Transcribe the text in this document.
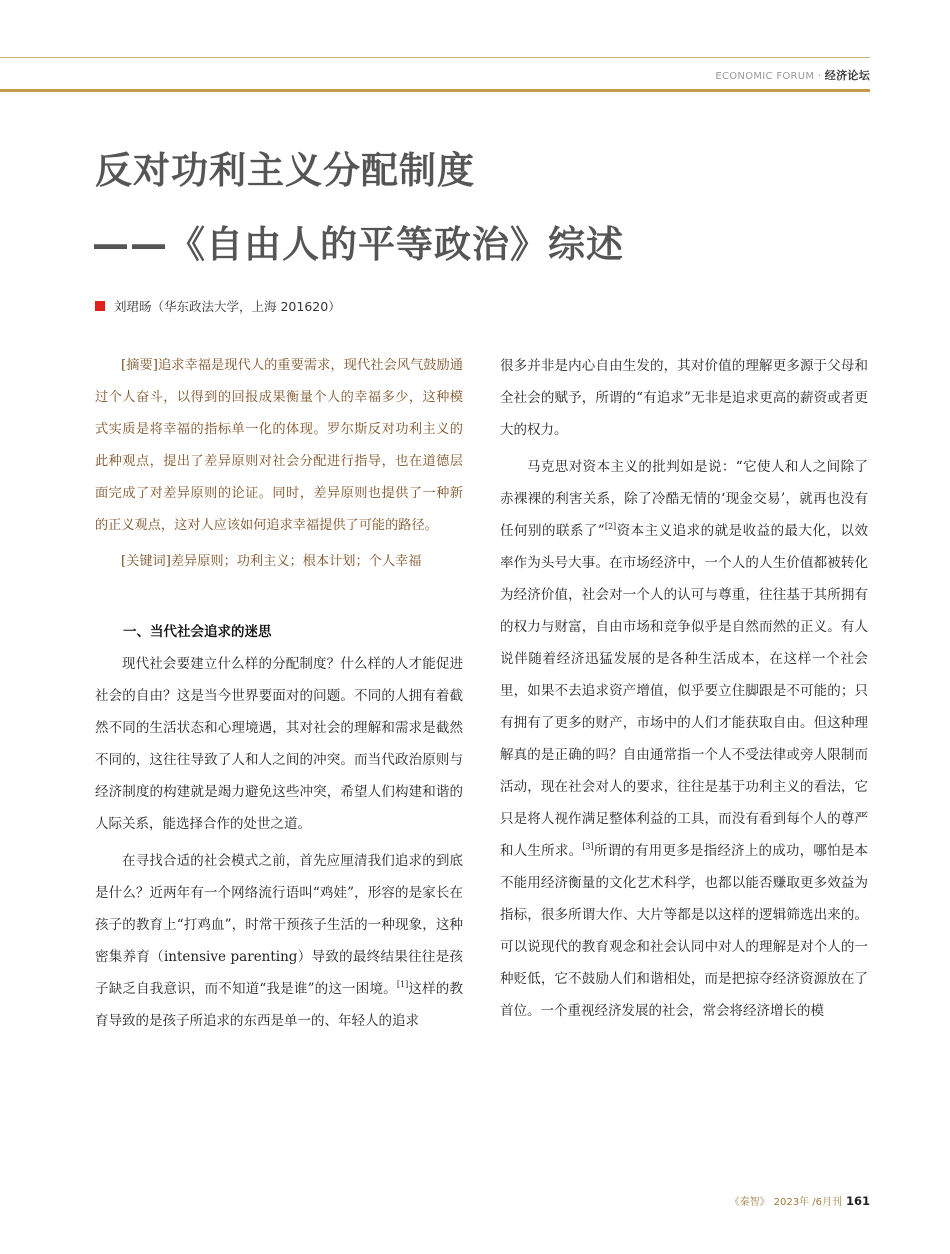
ECONOMIC FORUM · 经济论坛
反对功利主义分配制度
——《自由人的平等政治》综述
刘珺旸（华东政法大学，上海 201620）

[摘要]追求幸福是现代人的重要需求，现代社会风气鼓励通过个人奋斗，以得到的回报成果衡量个人的幸福多少，这种模式实质是将幸福的指标单一化的体现。罗尔斯反对功利主义的此种观点，提出了差异原则对社会分配进行指导，也在道德层面完成了对差异原则的论证。同时，差异原则也提供了一种新的正义观点，这对人应该如何追求幸福提供了可能的路径。

[关键词]差异原则；功利主义；根本计划；个人幸福

一、当代社会追求的迷思

现代社会要建立什么样的分配制度？什么样的人才能促进社会的自由？这是当今世界要面对的问题。不同的人拥有着截然不同的生活状态和心理境遇，其对社会的理解和需求是截然不同的，这往往导致了人和人之间的冲突。而当代政治原则与经济制度的构建就是竭力避免这些冲突，希望人们构建和谐的人际关系，能选择合作的处世之道。

在寻找合适的社会模式之前，首先应厘清我们追求的到底是什么？近两年有一个网络流行语叫“鸡娃”，形容的是家长在孩子的教育上“打鸡血”，时常干预孩子生活的一种现象，这种密集养育（intensive parenting）导致的最终结果往往是孩子缺乏自我意识，而不知道“我是谁”的这一困境。[1]这样的教育导致的是孩子所追求的东西是单一的、年轻人的追求

很多并非是内心自由生发的，其对价值的理解更多源于父母和全社会的赋予，所谓的“有追求”无非是追求更高的薪资或者更大的权力。

马克思对资本主义的批判如是说：“它使人和人之间除了赤裸裸的利害关系，除了冷酷无情的‘现金交易’，就再也没有任何别的联系了”[2]资本主义追求的就是收益的最大化，以效率作为头号大事。在市场经济中，一个人的人生价值都被转化为经济价值，社会对一个人的认可与尊重，往往基于其所拥有的权力与财富，自由市场和竞争似乎是自然而然的正义。有人说伴随着经济迅猛发展的是各种生活成本，在这样一个社会里，如果不去追求资产增值，似乎要立住脚跟是不可能的；只有拥有了更多的财产，市场中的人们才能获取自由。但这种理解真的是正确的吗？自由通常指一个人不受法律或旁人限制而活动，现在社会对人的要求，往往是基于功利主义的看法，它只是将人视作满足整体利益的工具，而没有看到每个人的尊严和人生所求。[3]所谓的有用更多是指经济上的成功，哪怕是本不能用经济衡量的文化艺术科学，也都以能否赚取更多效益为指标，很多所谓大作、大片等都是以这样的逻辑筛选出来的。可以说现代的教育观念和社会认同中对人的理解是对个人的一种贬低，它不鼓励人们和谐相处，而是把掠夺经济资源放在了首位。一个重视经济发展的社会，常会将经济增长的模

《秦智》 2023年 /6月刊 161
